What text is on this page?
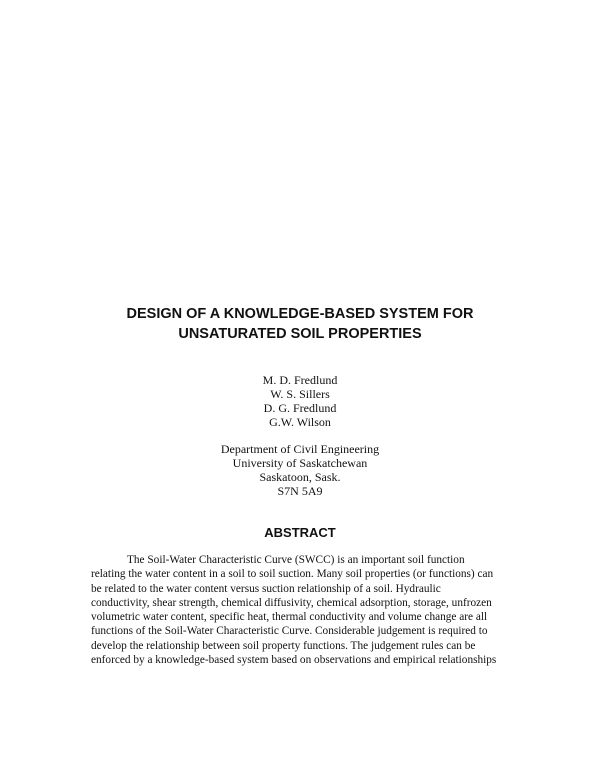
DESIGN OF A KNOWLEDGE-BASED SYSTEM FOR
UNSATURATED SOIL PROPERTIES
M. D. Fredlund
W. S. Sillers
D. G. Fredlund
G.W. Wilson
Department of Civil Engineering
University of Saskatchewan
Saskatoon, Sask.
S7N 5A9
ABSTRACT
The Soil-Water Characteristic Curve (SWCC) is an important soil function
relating the water content in a soil to soil suction. Many soil properties (or functions) can
be related to the water content versus suction relationship of a soil. Hydraulic
conductivity, shear strength, chemical diffusivity, chemical adsorption, storage, unfrozen
volumetric water content, specific heat, thermal conductivity and volume change are all
functions of the Soil-Water Characteristic Curve. Considerable judgement is required to
develop the relationship between soil property functions. The judgement rules can be
enforced by a knowledge-based system based on observations and empirical relationships
